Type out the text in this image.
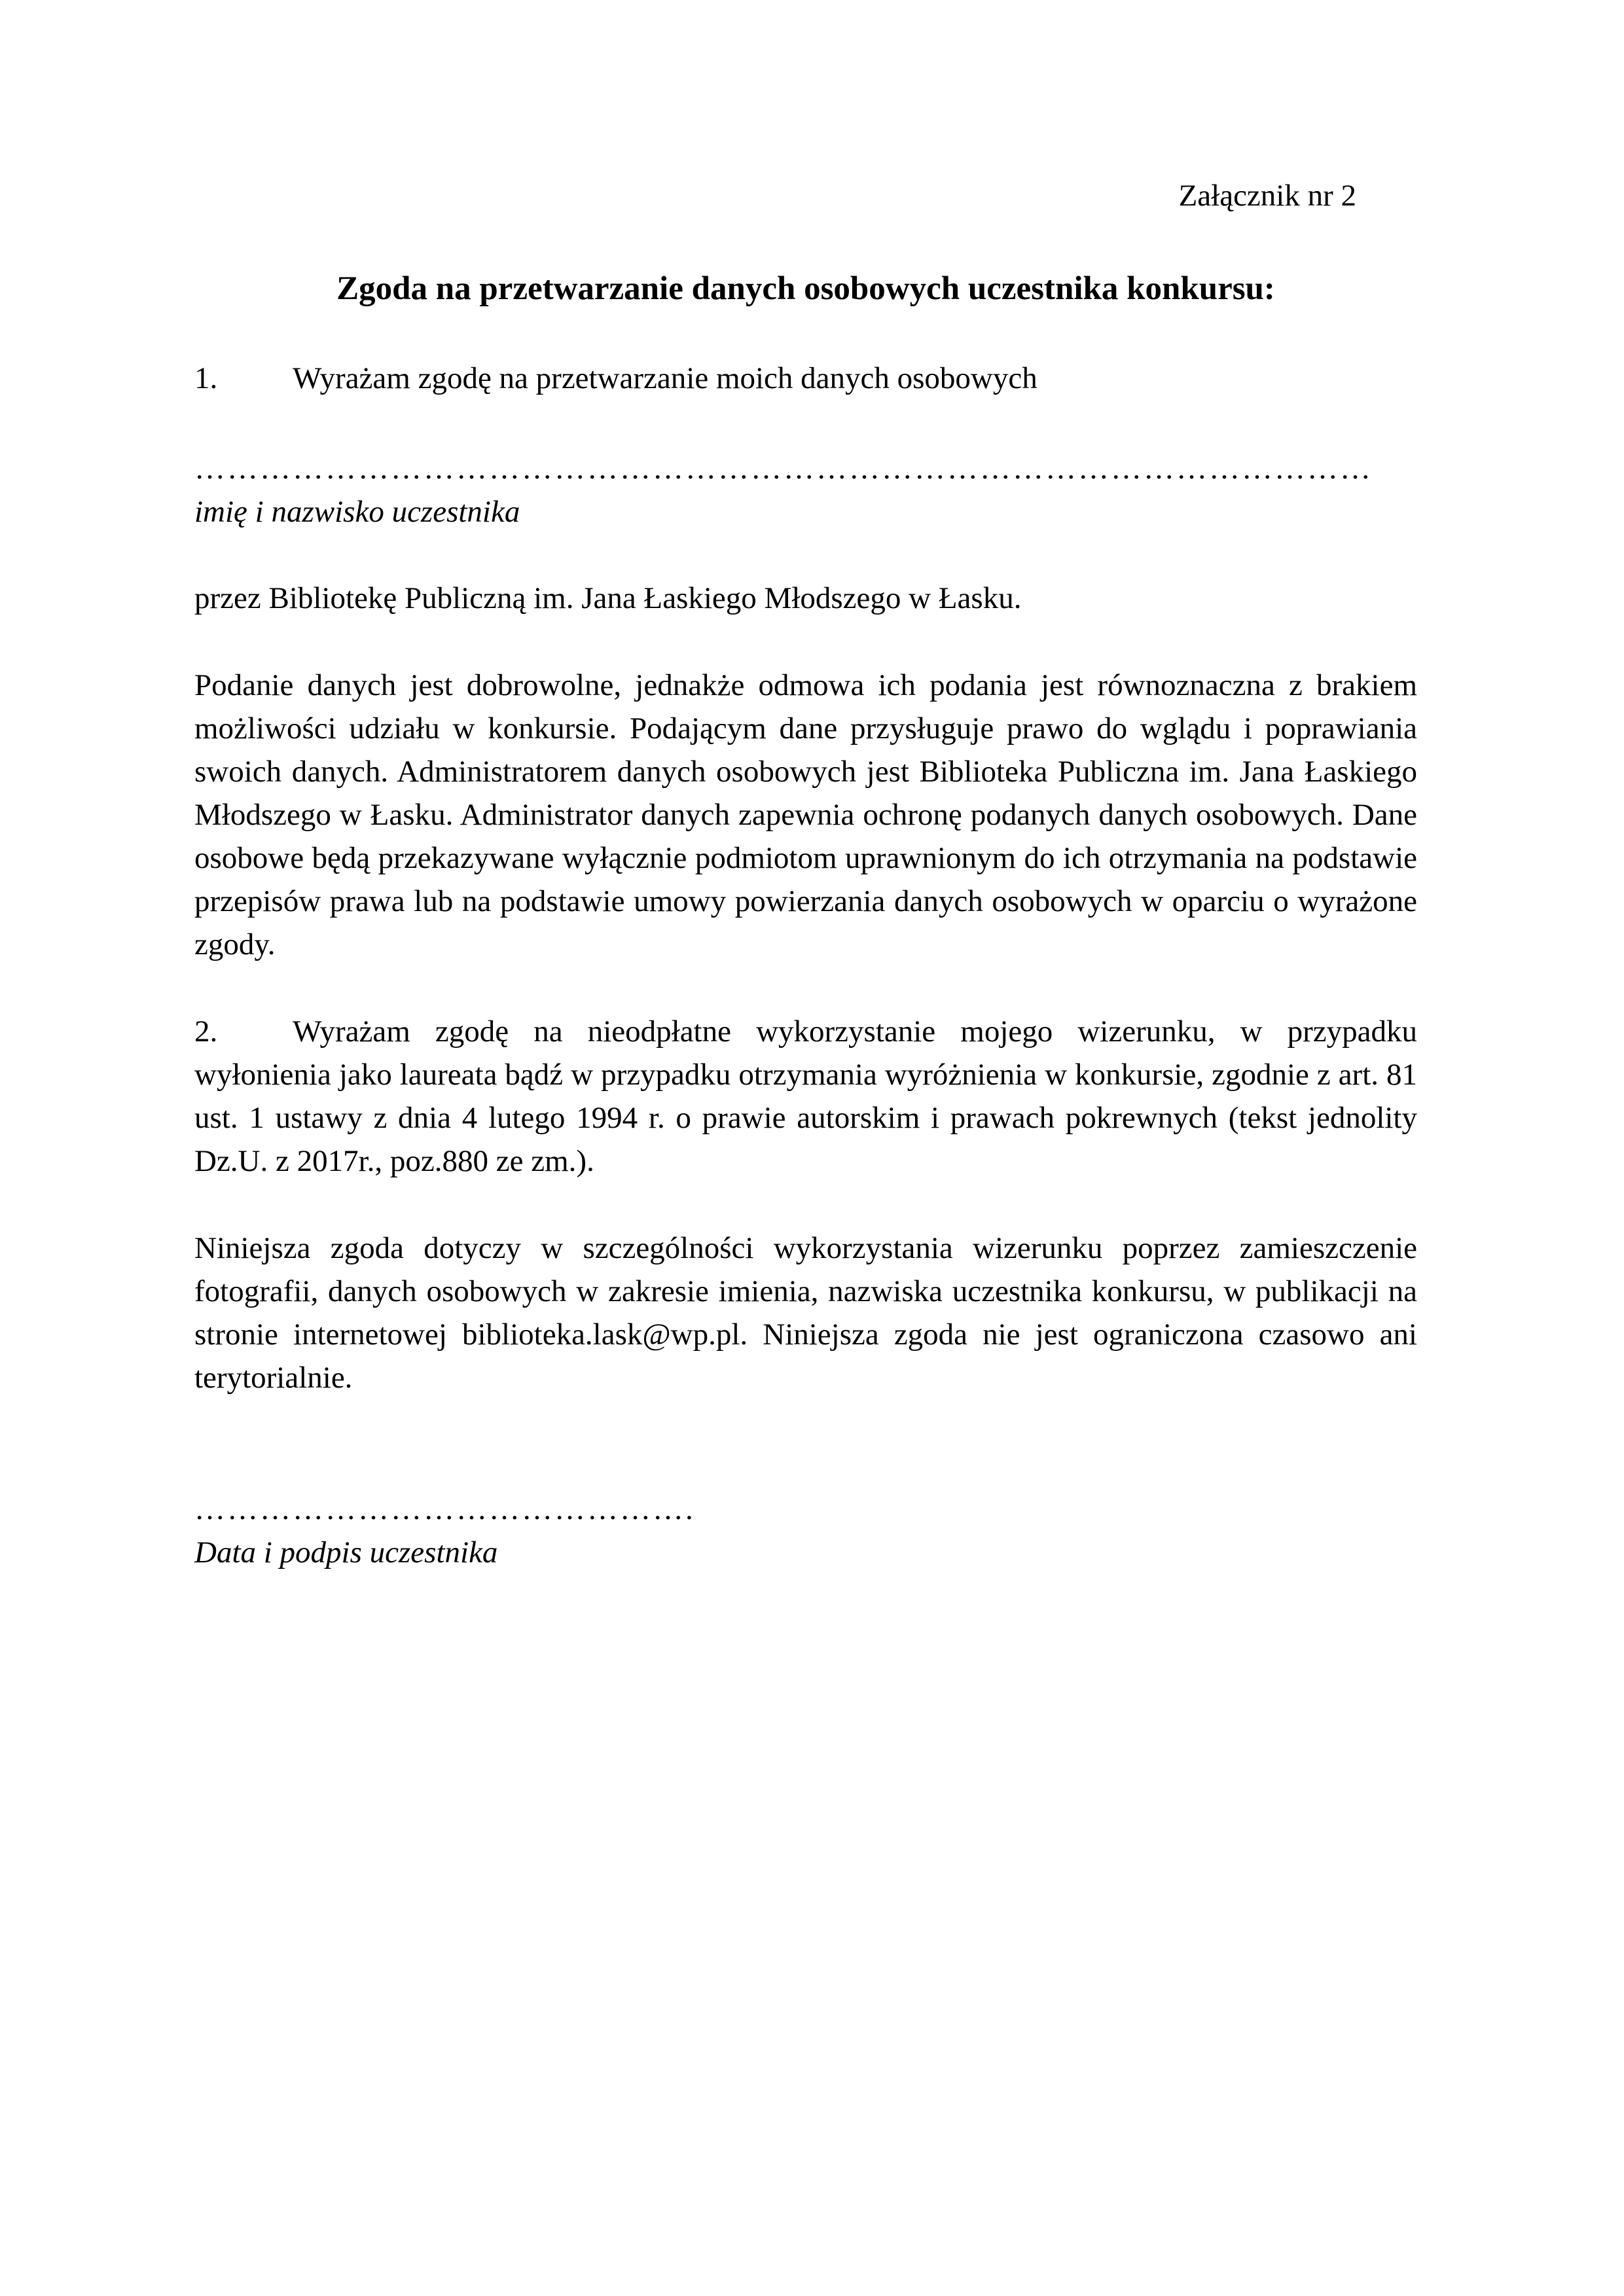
Załącznik nr 2
Zgoda na przetwarzanie danych osobowych uczestnika konkursu:
1.	Wyrażam zgodę na przetwarzanie moich danych osobowych
………………………………………………………………………………………………
imię i nazwisko uczestnika
przez Bibliotekę Publiczną im. Jana Łaskiego Młodszego w Łasku.

Podanie danych jest dobrowolne, jednakże odmowa ich podania jest równoznaczna z brakiem możliwości udziału w konkursie. Podającym dane przysługuje prawo do wglądu i poprawiania swoich danych. Administratorem danych osobowych jest Biblioteka Publiczna im. Jana Łaskiego Młodszego w Łasku. Administrator danych zapewnia ochronę podanych danych osobowych. Dane osobowe będą przekazywane wyłącznie podmiotom uprawnionym do ich otrzymania na podstawie przepisów prawa lub na podstawie umowy powierzania danych osobowych w oparciu o wyrażone zgody.

2. Wyrażam zgodę na nieodpłatne wykorzystanie mojego wizerunku, w przypadku wyłonienia jako laureata bądź w przypadku otrzymania wyróżnienia w konkursie, zgodnie z art. 81 ust. 1 ustawy z dnia 4 lutego 1994 r. o prawie autorskim i prawach pokrewnych (tekst jednolity Dz.U. z 2017r., poz.880 ze zm.).

Niniejsza zgoda dotyczy w szczególności wykorzystania wizerunku poprzez zamieszczenie fotografii, danych osobowych w zakresie imienia, nazwiska uczestnika konkursu, w publikacji na stronie internetowej biblioteka.lask@wp.pl. Niniejsza zgoda nie jest ograniczona czasowo ani terytorialnie.

……………………………………….
Data i podpis uczestnika
